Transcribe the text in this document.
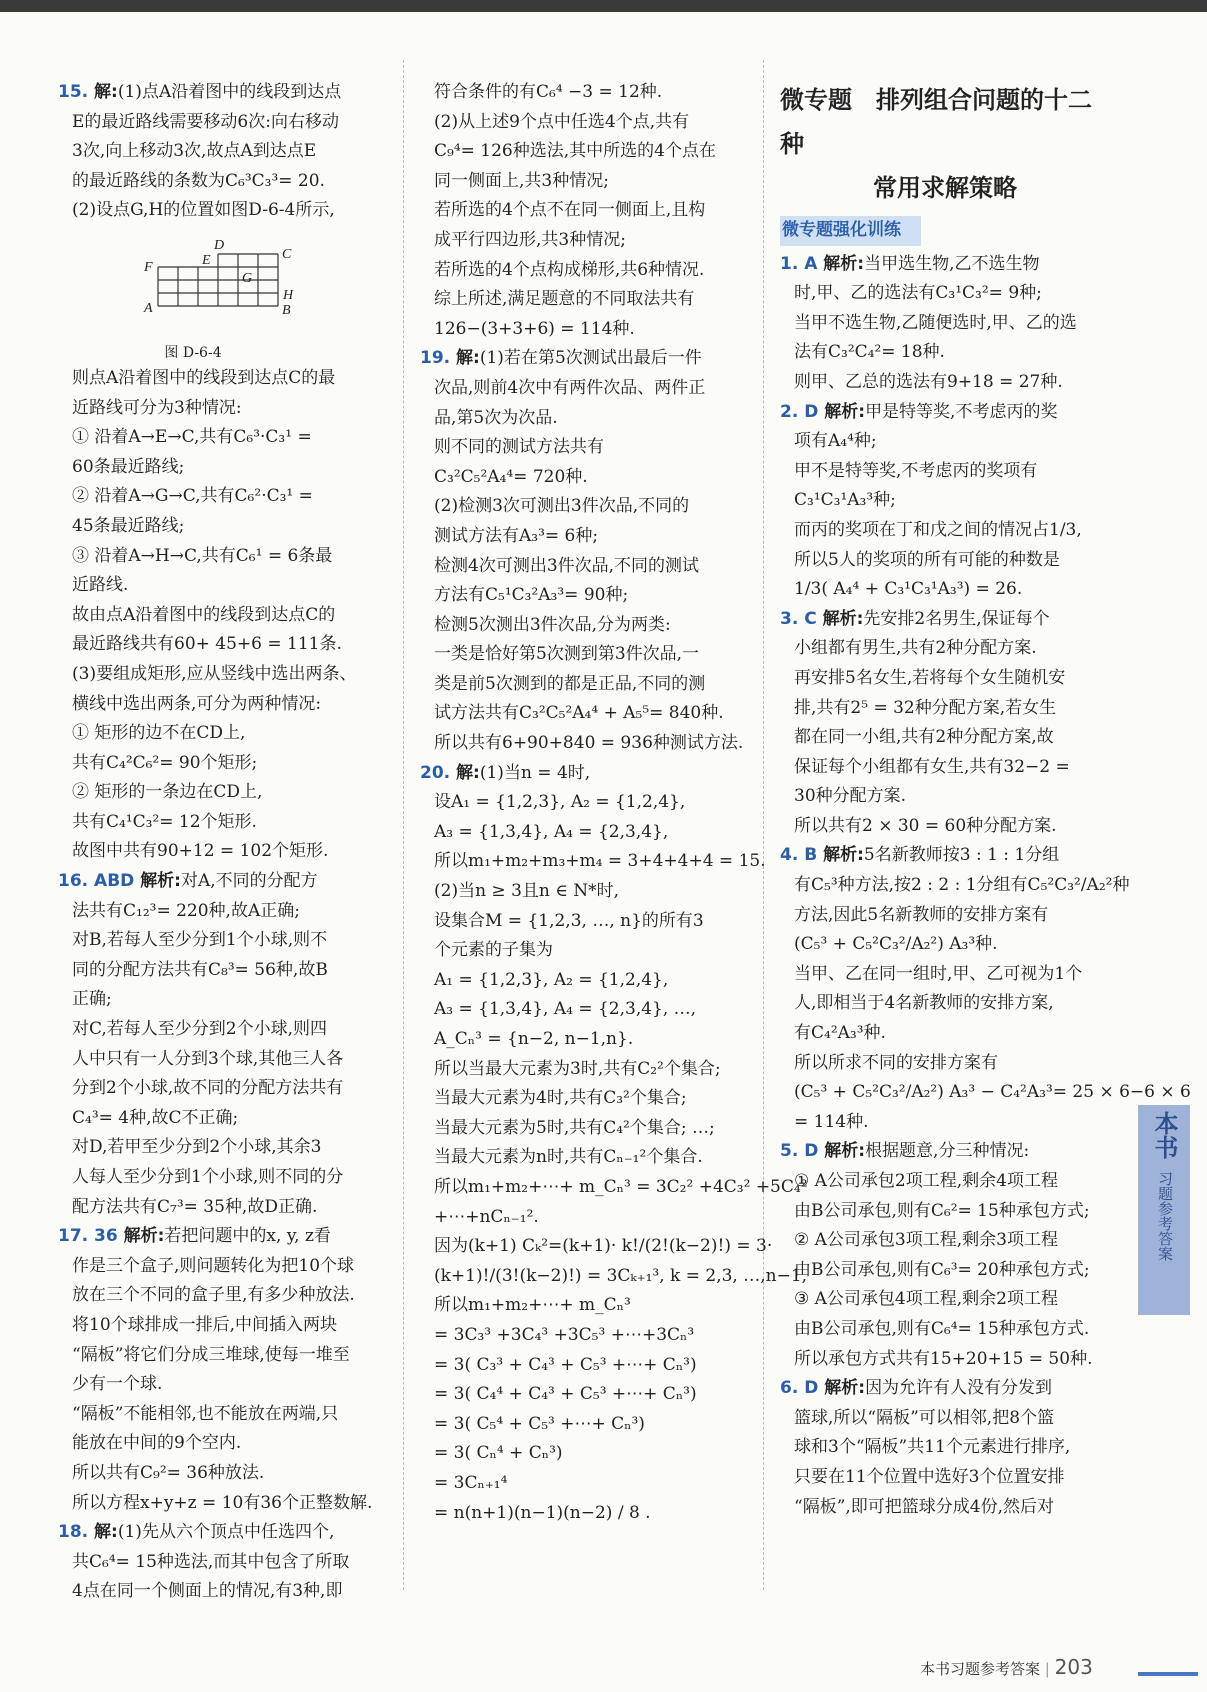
15. 解:(1)点A沿着图中的线段到达点
E的最近路线需要移动6次:向右移动
3次,向上移动3次,故点A到达点E
的最近路线的条数为C₆³C₃³= 20.
(2)设点G,H的位置如图D-6-4所示,
D
C
F	E
G
H
A	B
图 D-6-4
则点A沿着图中的线段到达点C的最
近路线可分为3种情况:
① 沿着A→E→C,共有C₆³·C₃¹ =
60条最近路线;
② 沿着A→G→C,共有C₆²·C₃¹ =
45条最近路线;
③ 沿着A→H→C,共有C₆¹ = 6条最
近路线.
故由点A沿着图中的线段到达点C的
最近路线共有60+ 45+6 = 111条.
(3)要组成矩形,应从竖线中选出两条、
横线中选出两条,可分为两种情况:
① 矩形的边不在CD上,
共有C₄²C₆²= 90个矩形;
② 矩形的一条边在CD上,
共有C₄¹C₃²= 12个矩形.
故图中共有90+12 = 102个矩形.
16. ABD 解析:对A,不同的分配方
法共有C₁₂³= 220种,故A正确;
对B,若每人至少分到1个小球,则不
同的分配方法共有C₈³= 56种,故B
正确;
对C,若每人至少分到2个小球,则四
人中只有一人分到3个球,其他三人各
分到2个小球,故不同的分配方法共有
C₄³= 4种,故C不正确;
对D,若甲至少分到2个小球,其余3
人每人至少分到1个小球,则不同的分
配方法共有C₇³= 35种,故D正确.
17. 36 解析:若把问题中的x, y, z看
作是三个盒子,则问题转化为把10个球
放在三个不同的盒子里,有多少种放法.
将10个球排成一排后,中间插入两块
“隔板”将它们分成三堆球,使每一堆至
少有一个球.
“隔板”不能相邻,也不能放在两端,只
能放在中间的9个空内.
所以共有C₉²= 36种放法.
所以方程x+y+z = 10有36个正整数解.
18. 解:(1)先从六个顶点中任选四个,
共C₆⁴= 15种选法,而其中包含了所取
4点在同一个侧面上的情况,有3种,即
符合条件的有C₆⁴ −3 = 12种.
(2)从上述9个点中任选4个点,共有
C₉⁴= 126种选法,其中所选的4个点在
同一侧面上,共3种情况;
若所选的4个点不在同一侧面上,且构
成平行四边形,共3种情况;
若所选的4个点构成梯形,共6种情况.
综上所述,满足题意的不同取法共有
126−(3+3+6) = 114种.
19. 解:(1)若在第5次测试出最后一件
次品,则前4次中有两件次品、两件正
品,第5次为次品.
则不同的测试方法共有
C₃²C₅²A₄⁴= 720种.
(2)检测3次可测出3件次品,不同的
测试方法有A₃³= 6种;
检测4次可测出3件次品,不同的测试
方法有C₅¹C₃²A₃³= 90种;
检测5次测出3件次品,分为两类:
一类是恰好第5次测到第3件次品,一
类是前5次测到的都是正品,不同的测
试方法共有C₃²C₅²A₄⁴ + A₅⁵= 840种.
所以共有6+90+840 = 936种测试方法.
20. 解:(1)当n = 4时,
设A₁ = {1,2,3}, A₂ = {1,2,4},
A₃ = {1,3,4}, A₄ = {2,3,4},
所以m₁+m₂+m₃+m₄ = 3+4+4+4 = 15.
(2)当n ≥ 3且n ∈ N*时,
设集合M = {1,2,3, …, n}的所有3
个元素的子集为
A₁ = {1,2,3}, A₂ = {1,2,4},
A₃ = {1,3,4}, A₄ = {2,3,4}, …,
A_Cₙ³ = {n−2, n−1,n}.
所以当最大元素为3时,共有C₂²个集合;
当最大元素为4时,共有C₃²个集合;
当最大元素为5时,共有C₄²个集合; …;
当最大元素为n时,共有Cₙ₋₁²个集合.
所以m₁+m₂+⋯+ m_Cₙ³ = 3C₂² +4C₃² +5C₄²
+⋯+nCₙ₋₁².
因为(k+1) Cₖ²=(k+1)· k!/(2!(k−2)!) = 3·
(k+1)!/(3!(k−2)!) = 3Cₖ₊₁³, k = 2,3, …,n−1,
所以m₁+m₂+⋯+ m_Cₙ³
= 3C₃³ +3C₄³ +3C₅³ +⋯+3Cₙ³
= 3( C₃³ + C₄³ + C₅³ +⋯+ Cₙ³)
= 3( C₄⁴ + C₄³ + C₅³ +⋯+ Cₙ³)
= 3( C₅⁴ + C₅³ +⋯+ Cₙ³)
= 3( Cₙ⁴ + Cₙ³)
= 3Cₙ₊₁⁴
= n(n+1)(n−1)(n−2) / 8 .
微专题　排列组合问题的十二种
常用求解策略
微专题强化训练
1. A 解析:当甲选生物,乙不选生物
时,甲、乙的选法有C₃¹C₃²= 9种;
当甲不选生物,乙随便选时,甲、乙的选
法有C₃²C₄²= 18种.
则甲、乙总的选法有9+18 = 27种.
2. D 解析:甲是特等奖,不考虑丙的奖
项有A₄⁴种;
甲不是特等奖,不考虑丙的奖项有
C₃¹C₃¹A₃³种;
而丙的奖项在丁和戊之间的情况占1/3,
所以5人的奖项的所有可能的种数是
1/3( A₄⁴ + C₃¹C₃¹A₃³) = 26.
3. C 解析:先安排2名男生,保证每个
小组都有男生,共有2种分配方案.
再安排5名女生,若将每个女生随机安
排,共有2⁵ = 32种分配方案,若女生
都在同一小组,共有2种分配方案,故
保证每个小组都有女生,共有32−2 =
30种分配方案.
所以共有2 × 30 = 60种分配方案.
4. B 解析:5名新教师按3 : 1 : 1分组
有C₅³种方法,按2 : 2 : 1分组有C₅²C₃²/A₂²种
方法,因此5名新教师的安排方案有
(C₅³ + C₅²C₃²/A₂²) A₃³种.
当甲、乙在同一组时,甲、乙可视为1个
人,即相当于4名新教师的安排方案,
有C₄²A₃³种.
所以所求不同的安排方案有
(C₅³ + C₅²C₃²/A₂²) A₃³ − C₄²A₃³= 25 × 6−6 × 6
= 114种.
5. D 解析:根据题意,分三种情况:
① A公司承包2项工程,剩余4项工程
由B公司承包,则有C₆²= 15种承包方式;
② A公司承包3项工程,剩余3项工程
由B公司承包,则有C₆³= 20种承包方式;
③ A公司承包4项工程,剩余2项工程
由B公司承包,则有C₆⁴= 15种承包方式.
所以承包方式共有15+20+15 = 50种.
6. D 解析:因为允许有人没有分发到
篮球,所以“隔板”可以相邻,把8个篮
球和3个“隔板”共11个元素进行排序,
只要在11个位置中选好3个位置安排
“隔板”,即可把篮球分成4份,然后对
本书
习题参考答案
本书习题参考答案 | 203
